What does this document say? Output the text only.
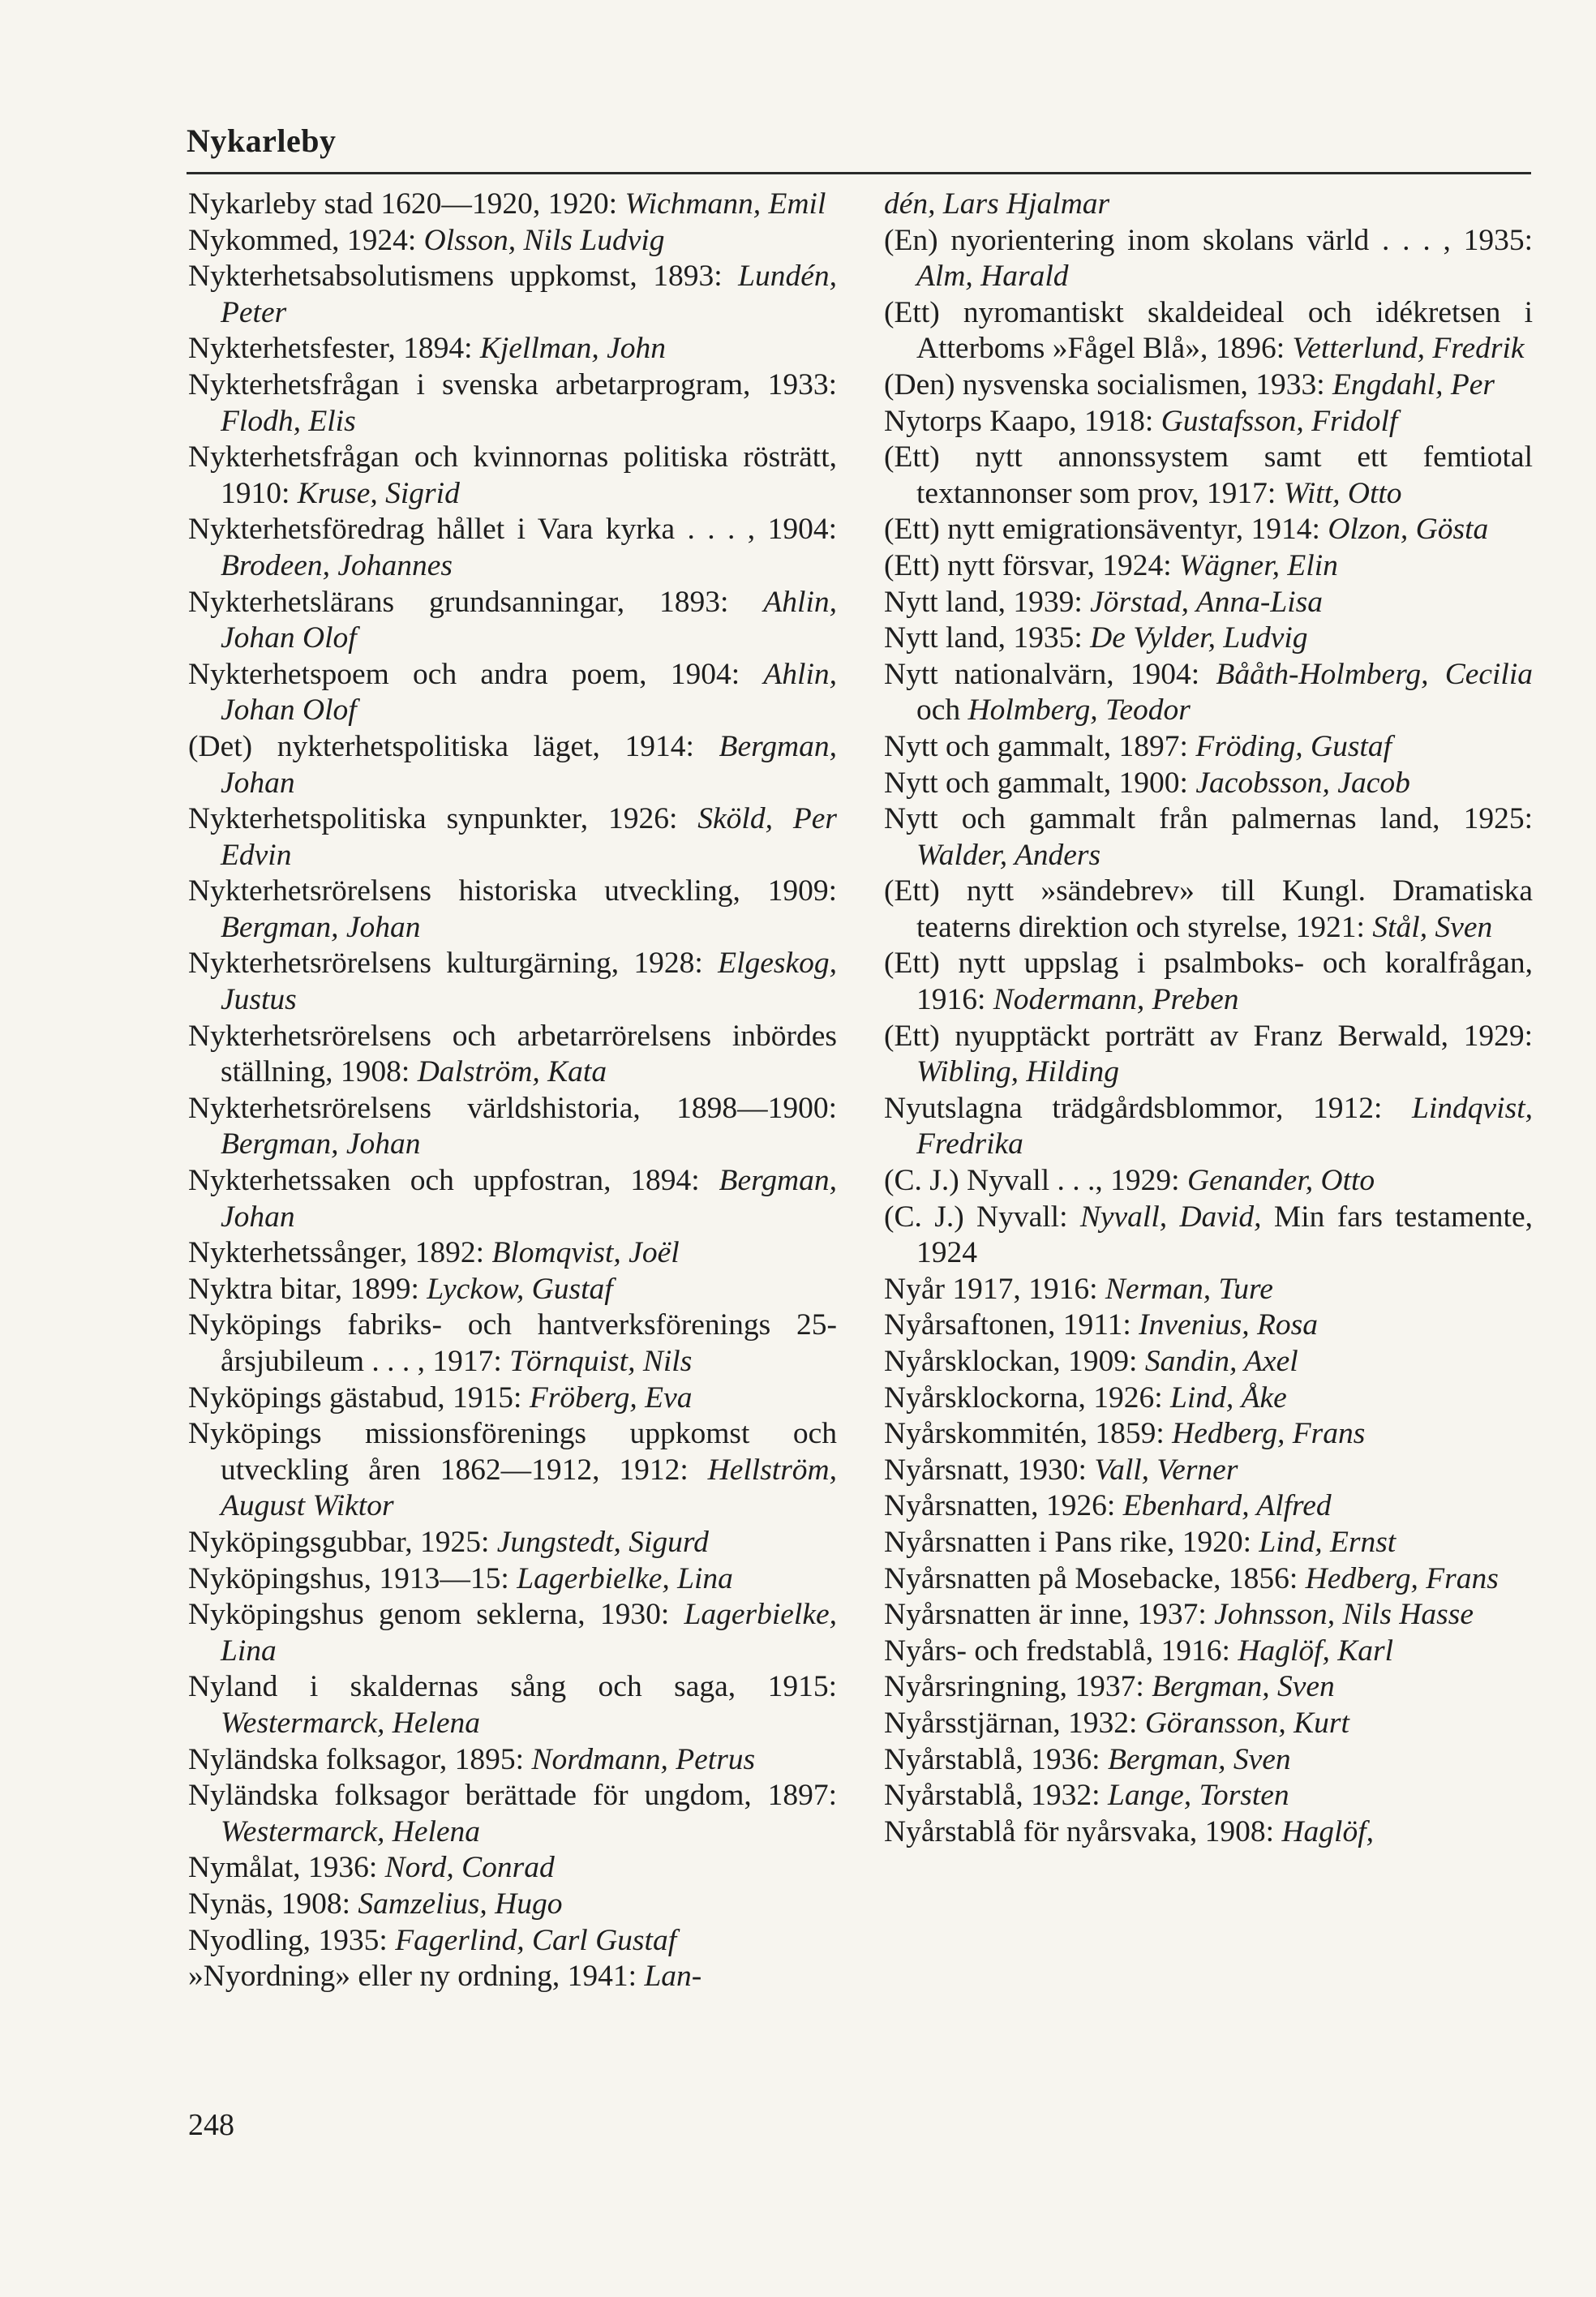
Nykarleby

Nykarleby stad 1620—1920, 1920: Wichmann, Emil

Nykommed, 1924: Olsson, Nils Ludvig

Nykterhetsabsolutismens uppkomst, 1893: Lundén, Peter

Nykterhetsfester, 1894: Kjellman, John

Nykterhetsfrågan i svenska arbetarprogram, 1933: Flodh, Elis

Nykterhetsfrågan och kvinnornas politiska rösträtt, 1910: Kruse, Sigrid

Nykterhetsföredrag hållet i Vara kyrka . . . , 1904: Brodeen, Johannes

Nykterhetslärans grundsanningar, 1893: Ahlin, Johan Olof

Nykterhetspoem och andra poem, 1904: Ahlin, Johan Olof

(Det) nykterhetspolitiska läget, 1914: Bergman, Johan

Nykterhetspolitiska synpunkter, 1926: Sköld, Per Edvin

Nykterhetsrörelsens historiska utveckling, 1909: Bergman, Johan

Nykterhetsrörelsens kulturgärning, 1928: Elgeskog, Justus

Nykterhetsrörelsens och arbetarrörelsens inbördes ställning, 1908: Dalström, Kata

Nykterhetsrörelsens världshistoria, 1898—1900: Bergman, Johan

Nykterhetssaken och uppfostran, 1894: Bergman, Johan

Nykterhetssånger, 1892: Blomqvist, Joël

Nyktra bitar, 1899: Lyckow, Gustaf

Nyköpings fabriks- och hantverksförenings 25-årsjubileum . . . , 1917: Törnquist, Nils

Nyköpings gästabud, 1915: Fröberg, Eva

Nyköpings missionsförenings uppkomst och utveckling åren 1862—1912, 1912: Hellström, August Wiktor

Nyköpingsgubbar, 1925: Jungstedt, Sigurd

Nyköpingshus, 1913—15: Lagerbielke, Lina

Nyköpingshus genom seklerna, 1930: Lagerbielke, Lina

Nyland i skaldernas sång och saga, 1915: Westermarck, Helena

Nyländska folksagor, 1895: Nordmann, Petrus

Nyländska folksagor berättade för ungdom, 1897: Westermarck, Helena

Nymålat, 1936: Nord, Conrad

Nynäs, 1908: Samzelius, Hugo

Nyodling, 1935: Fagerlind, Carl Gustaf

»Nyordning» eller ny ordning, 1941: Lan-

dén, Lars Hjalmar

(En) nyorientering inom skolans värld . . . , 1935: Alm, Harald

(Ett) nyromantiskt skaldeideal och idékretsen i Atterboms »Fågel Blå», 1896: Vetterlund, Fredrik

(Den) nysvenska socialismen, 1933: Engdahl, Per

Nytorps Kaapo, 1918: Gustafsson, Fridolf

(Ett) nytt annonssystem samt ett femtiotal textannonser som prov, 1917: Witt, Otto

(Ett) nytt emigrationsäventyr, 1914: Olzon, Gösta

(Ett) nytt försvar, 1924: Wägner, Elin

Nytt land, 1939: Jörstad, Anna-Lisa

Nytt land, 1935: De Vylder, Ludvig

Nytt nationalvärn, 1904: Bååth-Holmberg, Cecilia och Holmberg, Teodor

Nytt och gammalt, 1897: Fröding, Gustaf

Nytt och gammalt, 1900: Jacobsson, Jacob

Nytt och gammalt från palmernas land, 1925: Walder, Anders

(Ett) nytt »sändebrev» till Kungl. Dramatiska teaterns direktion och styrelse, 1921: Stål, Sven

(Ett) nytt uppslag i psalmboks- och koralfrågan, 1916: Nodermann, Preben

(Ett) nyupptäckt porträtt av Franz Berwald, 1929: Wibling, Hilding

Nyutslagna trädgårdsblommor, 1912: Lindqvist, Fredrika

(C. J.) Nyvall . . ., 1929: Genander, Otto

(C. J.) Nyvall: Nyvall, David, Min fars testamente, 1924

Nyår 1917, 1916: Nerman, Ture

Nyårsaftonen, 1911: Invenius, Rosa

Nyårsklockan, 1909: Sandin, Axel

Nyårsklockorna, 1926: Lind, Åke

Nyårskommitén, 1859: Hedberg, Frans

Nyårsnatt, 1930: Vall, Verner

Nyårsnatten, 1926: Ebenhard, Alfred

Nyårsnatten i Pans rike, 1920: Lind, Ernst

Nyårsnatten på Mosebacke, 1856: Hedberg, Frans

Nyårsnatten är inne, 1937: Johnsson, Nils Hasse

Nyårs- och fredstablå, 1916: Haglöf, Karl

Nyårsringning, 1937: Bergman, Sven

Nyårsstjärnan, 1932: Göransson, Kurt

Nyårstablå, 1936: Bergman, Sven

Nyårstablå, 1932: Lange, Torsten

Nyårstablå för nyårsvaka, 1908: Haglöf,

248
